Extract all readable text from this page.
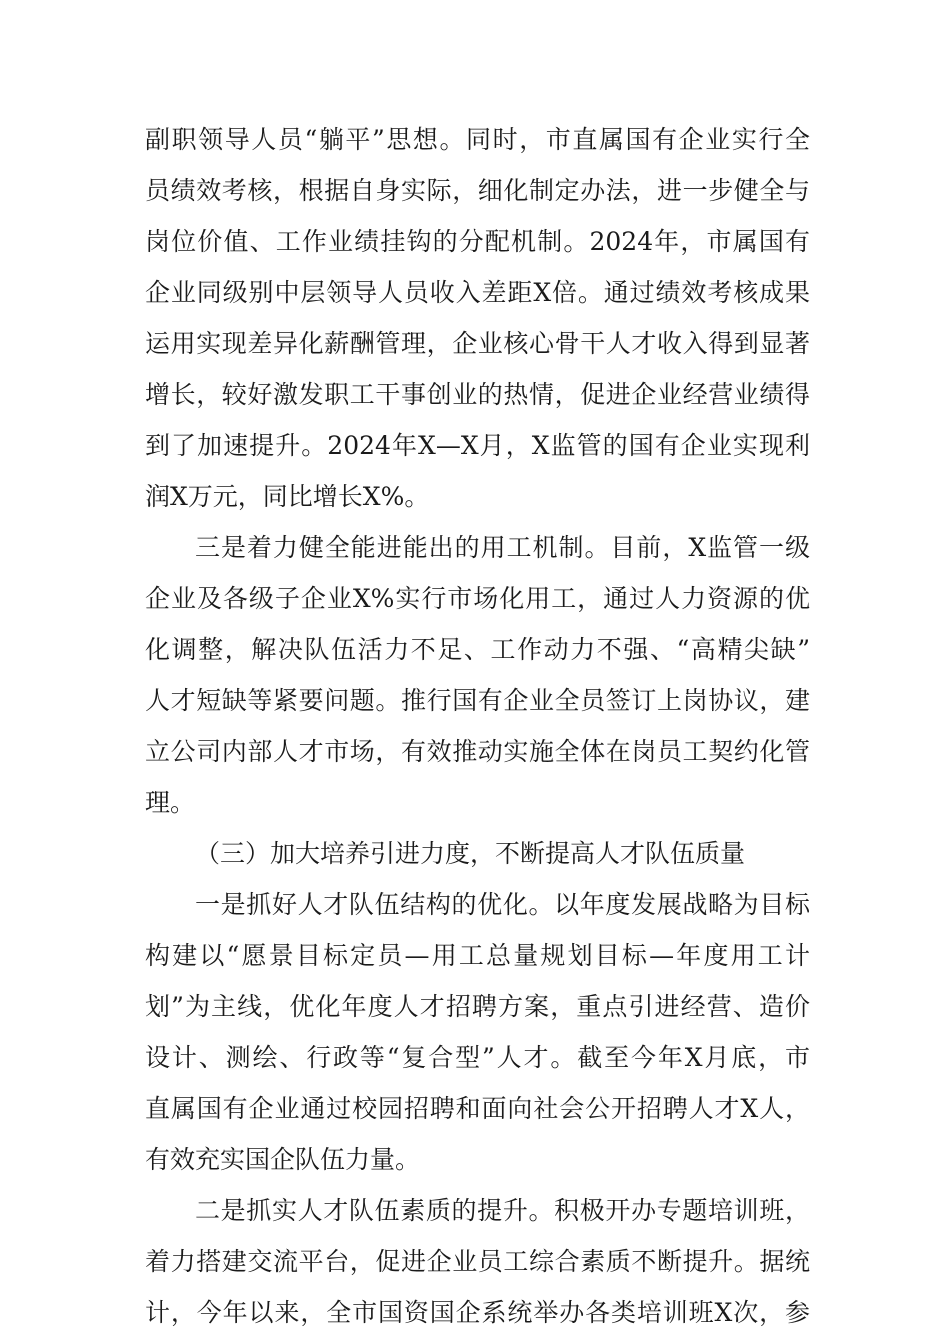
副职领导人员“躺平”思想。同时，市直属国有企业实行全
员绩效考核，根据自身实际，细化制定办法，进一步健全与
岗位价值、工作业绩挂钩的分配机制。2024年，市属国有
企业同级别中层领导人员收入差距X倍。通过绩效考核成果
运用实现差异化薪酬管理，企业核心骨干人才收入得到显著
增长，较好激发职工干事创业的热情，促进企业经营业绩得
到了加速提升。2024年X—X月，X监管的国有企业实现利
润X万元，同比增长X%。
三是着力健全能进能出的用工机制。目前，X监管一级
企业及各级子企业X%实行市场化用工，通过人力资源的优
化调整，解决队伍活力不足、工作动力不强、“高精尖缺”
人才短缺等紧要问题。推行国有企业全员签订上岗协议，建
立公司内部人才市场，有效推动实施全体在岗员工契约化管
理。
（三）加大培养引进力度，不断提高人才队伍质量
一是抓好人才队伍结构的优化。以年度发展战略为目标
构建以“愿景目标定员—用工总量规划目标—年度用工计
划”为主线，优化年度人才招聘方案，重点引进经营、造价
设计、测绘、行政等“复合型”人才。截至今年X月底，市
直属国有企业通过校园招聘和面向社会公开招聘人才X人，
有效充实国企队伍力量。
二是抓实人才队伍素质的提升。积极开办专题培训班，
着力搭建交流平台，促进企业员工综合素质不断提升。据统
计，今年以来，全市国资国企系统举办各类培训班X次，参
